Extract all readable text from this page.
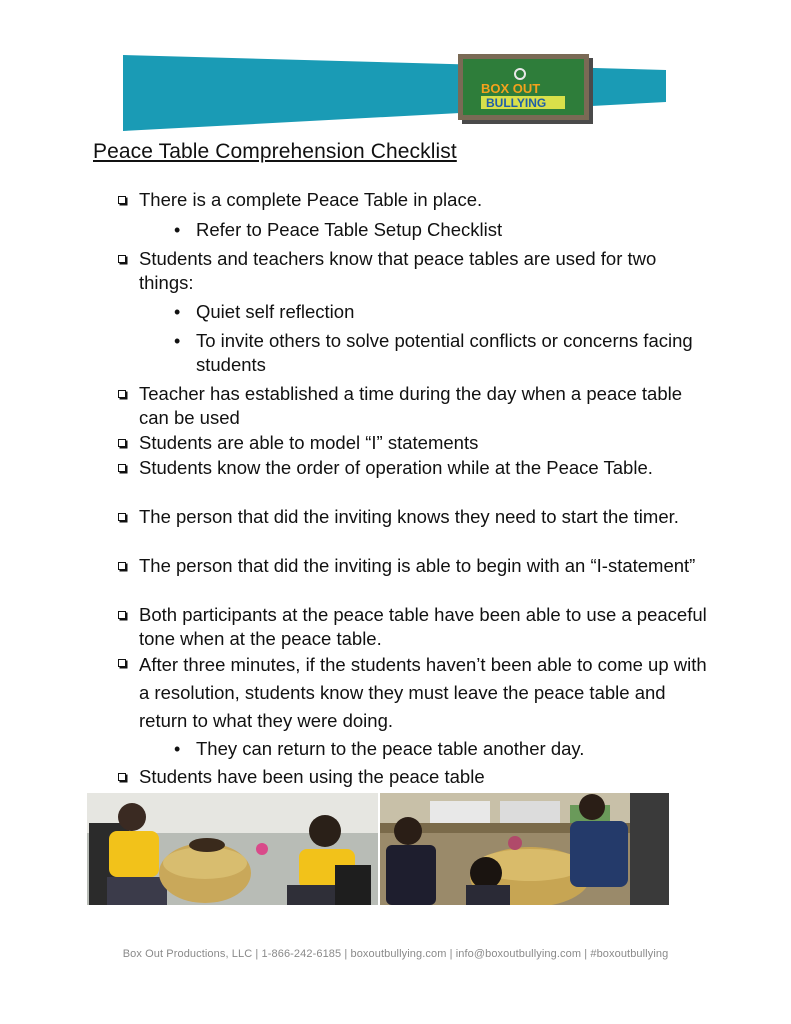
BOX OUT
BULLYING
Peace Table Comprehension Checklist
There is a complete Peace Table in place.
• Refer to Peace Table Setup Checklist
Students and teachers know that peace tables are used for two things:
• Quiet self reflection
• To invite others to solve potential conflicts or concerns facing students
Teacher has established a time during the day when a peace table can be used
Students are able to model “I” statements
Students know the order of operation while at the Peace Table.
The person that did the inviting knows they need to start the timer.
The person that did the inviting is able to begin with an “I-statement”
Both participants at the peace table have been able to use a peaceful tone when at the peace table.
After three minutes, if the students haven’t been able to come up with a resolution, students know they must leave the peace table and return to what they were doing.
• They can return to the peace table another day.
Students have been using the peace table
Box Out Productions, LLC | 1-866-242-6185 | boxoutbullying.com | info@boxoutbullying.com | #boxoutbullying
